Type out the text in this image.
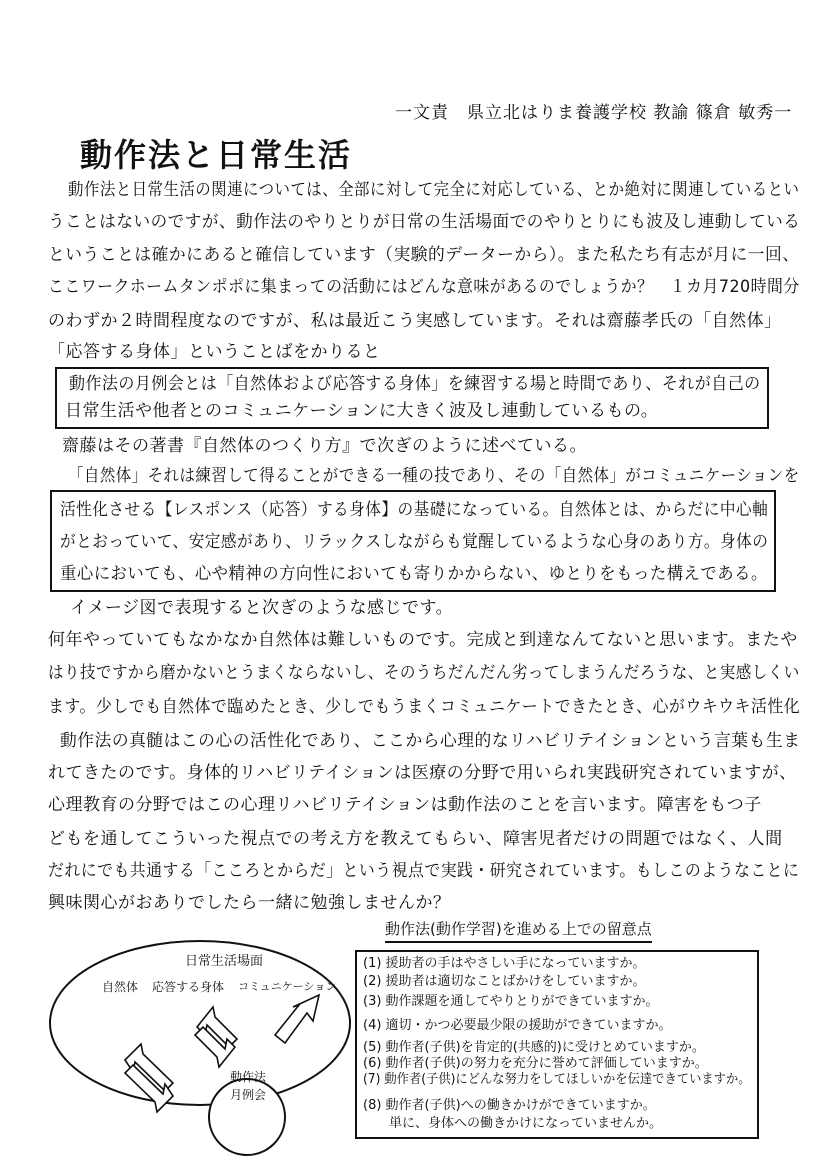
一文責　県立北はりま養護学校 教諭 篠倉 敏秀一
動作法と日常生活
動作法と日常生活の関連については、全部に対して完全に対応している、とか絶対に関連しているとい
うことはないのですが、動作法のやりとりが日常の生活場面でのやりとりにも波及し連動している
ということは確かにあると確信しています（実験的データーから）。また私たち有志が月に一回、
ここワークホームタンポポに集まっての活動にはどんな意味があるのでしょうか？　１カ月720時間分
のわずか２時間程度なのですが、私は最近こう実感しています。それは齋藤孝氏の「自然体」
「応答する身体」ということばをかりると
動作法の月例会とは「自然体および応答する身体」を練習する場と時間であり、それが自己の
日常生活や他者とのコミュニケーションに大きく波及し連動しているもの。
齋藤はその著書『自然体のつくり方』で次ぎのように述べている。
「自然体」それは練習して得ることができる一種の技であり、その「自然体」がコミュニケーションを
活性化させる【レスポンス（応答）する身体】の基礎になっている。自然体とは、からだに中心軸
がとおっていて、安定感があり、リラックスしながらも覚醒しているような心身のあり方。身体の
重心においても、心や精神の方向性においても寄りかからない、ゆとりをもった構えである。
イメージ図で表現すると次ぎのような感じです。
何年やっていてもなかなか自然体は難しいものです。完成と到達なんてないと思います。またや
はり技ですから磨かないとうまくならないし、そのうちだんだん劣ってしまうんだろうな、と実感しくい
ます。少しでも自然体で臨めたとき、少しでもうまくコミュニケートできたとき、心がウキウキ活性化
動作法の真髄はこの心の活性化であり、ここから心理的なリハビリテイションという言葉も生ま
れてきたのです。身体的リハビリテイションは医療の分野で用いられ実践研究されていますが、
心理教育の分野ではこの心理リハビリテイションは動作法のことを言います。障害をもつ子
どもを通してこういった視点での考え方を教えてもらい、障害児者だけの問題ではなく、人間
だれにでも共通する「こころとからだ」という視点で実践・研究されています。もしこのようなことに
興味関心がおありでしたら一緒に勉強しませんか？
日常生活場面
自然体 応答する身体 コミュニケーション
動作法
月例会
動作法(動作学習)を進める上での留意点
(1) 援助者の手はやさしい手になっていますか。
(2) 援助者は適切なことばかけをしていますか。
(3) 動作課題を通してやりとりができていますか。
(4) 適切・かつ必要最少限の援助ができていますか。
(5) 動作者(子供)を肯定的(共感的)に受けとめていますか。
(6) 動作者(子供)の努力を充分に誉めて評価していますか。
(7) 動作者(子供)にどんな努力をしてほしいかを伝達できていますか。
(8) 動作者(子供)への働きかけができていますか。
　　単に、身体への働きかけになっていませんか。
